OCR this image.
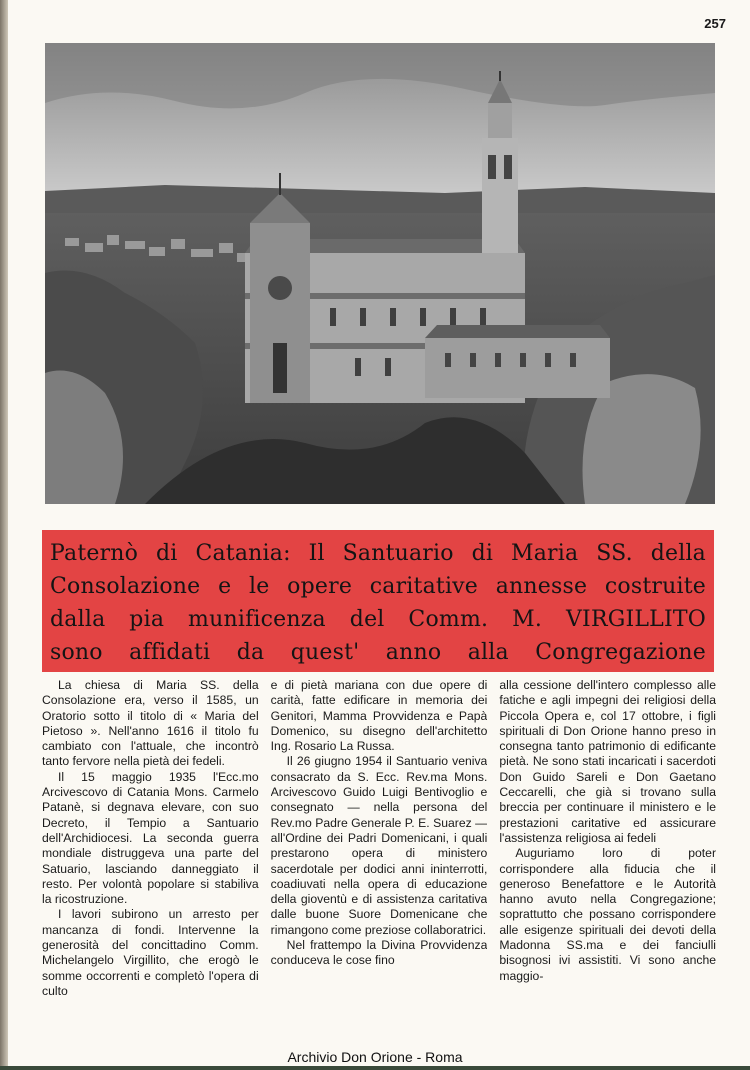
257

Paternò di Catania: Il Santuario di Maria SS. della

Consolazione e le opere caritative annesse costruite

dalla pia munificenza del Comm. M. VIRGILLITO

sono affidati da quest' anno alla Congregazione

La chiesa di Maria SS. della Consolazione era, verso il 1585, un Oratorio sotto il titolo di « Maria del Pietoso ». Nell'anno 1616 il titolo fu cambiato con l'attuale, che incontrò tanto fervore nella pietà dei fedeli.

Il 15 maggio 1935 l'Ecc.mo Arcivescovo di Catania Mons. Carmelo Patanè, si degnava elevare, con suo Decreto, il Tempio a Santuario dell'Archidiocesi. La seconda guerra mondiale distruggeva una parte del Satuario, lasciando danneggiato il resto. Per volontà popolare si stabiliva la ricostruzione.

I lavori subirono un arresto per mancanza di fondi. Intervenne la generosità del concittadino Comm. Michelangelo Virgillito, che erogò le somme occorrenti e completò l'opera di culto

e di pietà mariana con due opere di carità, fatte edificare in memoria dei Genitori, Mamma Provvidenza e Papà Domenico, su disegno dell'architetto Ing. Rosario La Russa.

Il 26 giugno 1954 il Santuario veniva consacrato da S. Ecc. Rev.ma Mons. Arcivescovo Guido Luigi Bentivoglio e consegnato — nella persona del Rev.mo Padre Generale P. E. Suarez — all'Ordine dei Padri Domenicani, i quali prestarono opera di ministero sacerdotale per dodici anni ininterrotti, coadiuvati nella opera di educazione della gioventù e di assistenza caritativa dalle buone Suore Domenicane che rimangono come preziose collaboratrici.

Nel frattempo la Divina Provvidenza conduceva le cose fino

alla cessione dell'intero complesso alle fatiche e agli impegni dei religiosi della Piccola Opera e, col 17 ottobre, i figli spirituali di Don Orione hanno preso in consegna tanto patrimonio di edificante pietà. Ne sono stati incaricati i sacerdoti Don Guido Sareli e Don Gaetano Ceccarelli, che già si trovano sulla breccia per continuare il ministero e le prestazioni caritative ed assicurare l'assistenza religiosa ai fedeli

Auguriamo loro di poter corrispondere alla fiducia che il generoso Benefattore e le Autorità hanno avuto nella Congregazione; soprattutto che possano corrispondere alle esigenze spirituali dei devoti della Madonna SS.ma e dei fanciulli bisognosi ivi assistiti. Vi sono anche maggio-

Archivio Don Orione - Roma
